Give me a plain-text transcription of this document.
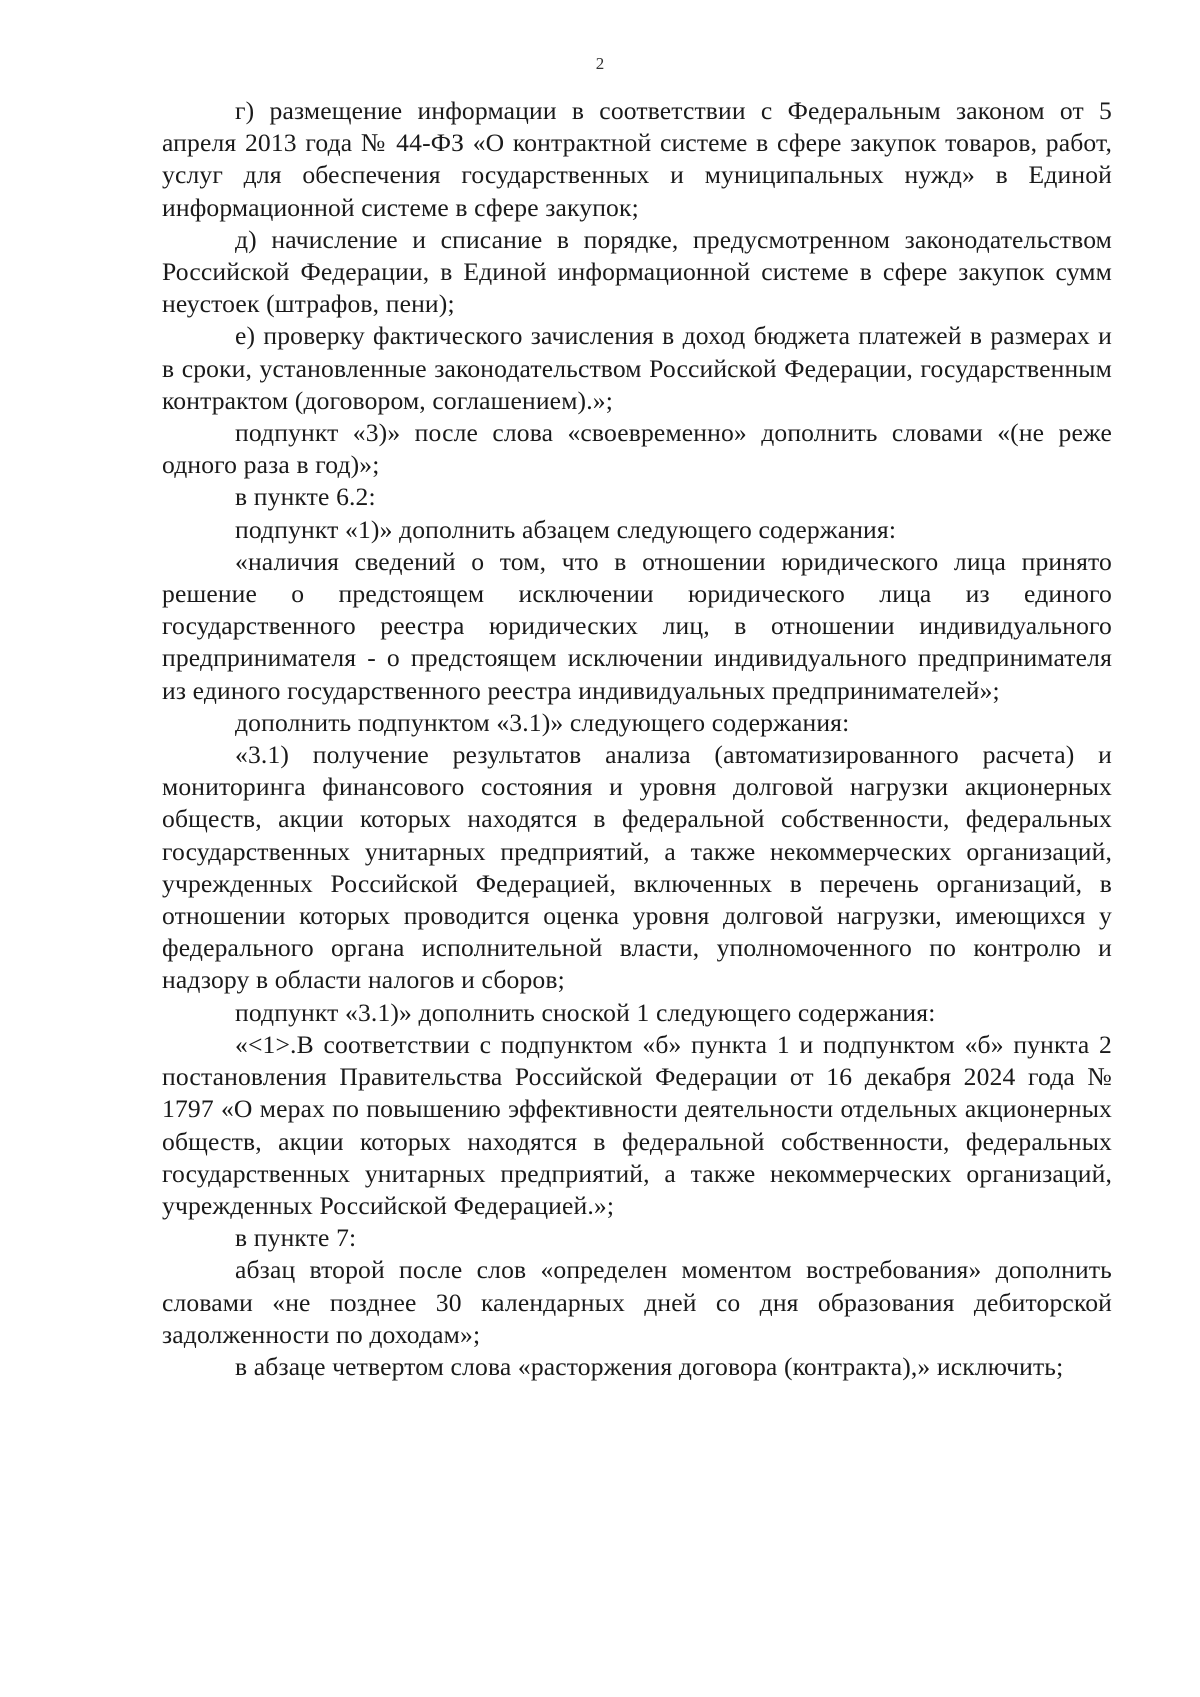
2

г) размещение информации в соответствии с Федеральным законом от 5 апреля 2013 года № 44-ФЗ «О контрактной системе в сфере закупок товаров, работ, услуг для обеспечения государственных и муниципальных нужд» в Единой информационной системе в сфере закупок;

д) начисление и списание в порядке, предусмотренном законодательством Российской Федерации, в Единой информационной системе в сфере закупок сумм неустоек (штрафов, пени);

е) проверку фактического зачисления в доход бюджета платежей в размерах и в сроки, установленные законодательством Российской Федерации, государственным контрактом (договором, соглашением).»;

подпункт «3)» после слова «своевременно» дополнить словами «(не реже одного раза в год)»;

в пункте 6.2:

подпункт «1)» дополнить абзацем следующего содержания:

«наличия сведений о том, что в отношении юридического лица принято решение о предстоящем исключении юридического лица из единого государственного реестра юридических лиц, в отношении индивидуального предпринимателя - о предстоящем исключении индивидуального предпринимателя из единого государственного реестра индивидуальных предпринимателей»;

дополнить подпунктом «3.1)» следующего содержания:

«3.1) получение результатов анализа (автоматизированного расчета) и мониторинга финансового состояния и уровня долговой нагрузки акционерных обществ, акции которых находятся в федеральной собственности, федеральных государственных унитарных предприятий, а также некоммерческих организаций, учрежденных Российской Федерацией, включенных в перечень организаций, в отношении которых проводится оценка уровня долговой нагрузки, имеющихся у федерального органа исполнительной власти, уполномоченного по контролю и надзору в области налогов и сборов;

подпункт «3.1)» дополнить сноской 1 следующего содержания:

«<1>.В соответствии с подпунктом «б» пункта 1 и подпунктом «б» пункта 2 постановления Правительства Российской Федерации от 16 декабря 2024 года № 1797 «О мерах по повышению эффективности деятельности отдельных акционерных обществ, акции которых находятся в федеральной собственности, федеральных государственных унитарных предприятий, а также некоммерческих организаций, учрежденных Российской Федерацией.»;

в пункте 7:

абзац второй после слов «определен моментом востребования» дополнить словами «не позднее 30 календарных дней со дня образования дебиторской задолженности по доходам»;

в абзаце четвертом слова «расторжения договора (контракта),» исключить;
